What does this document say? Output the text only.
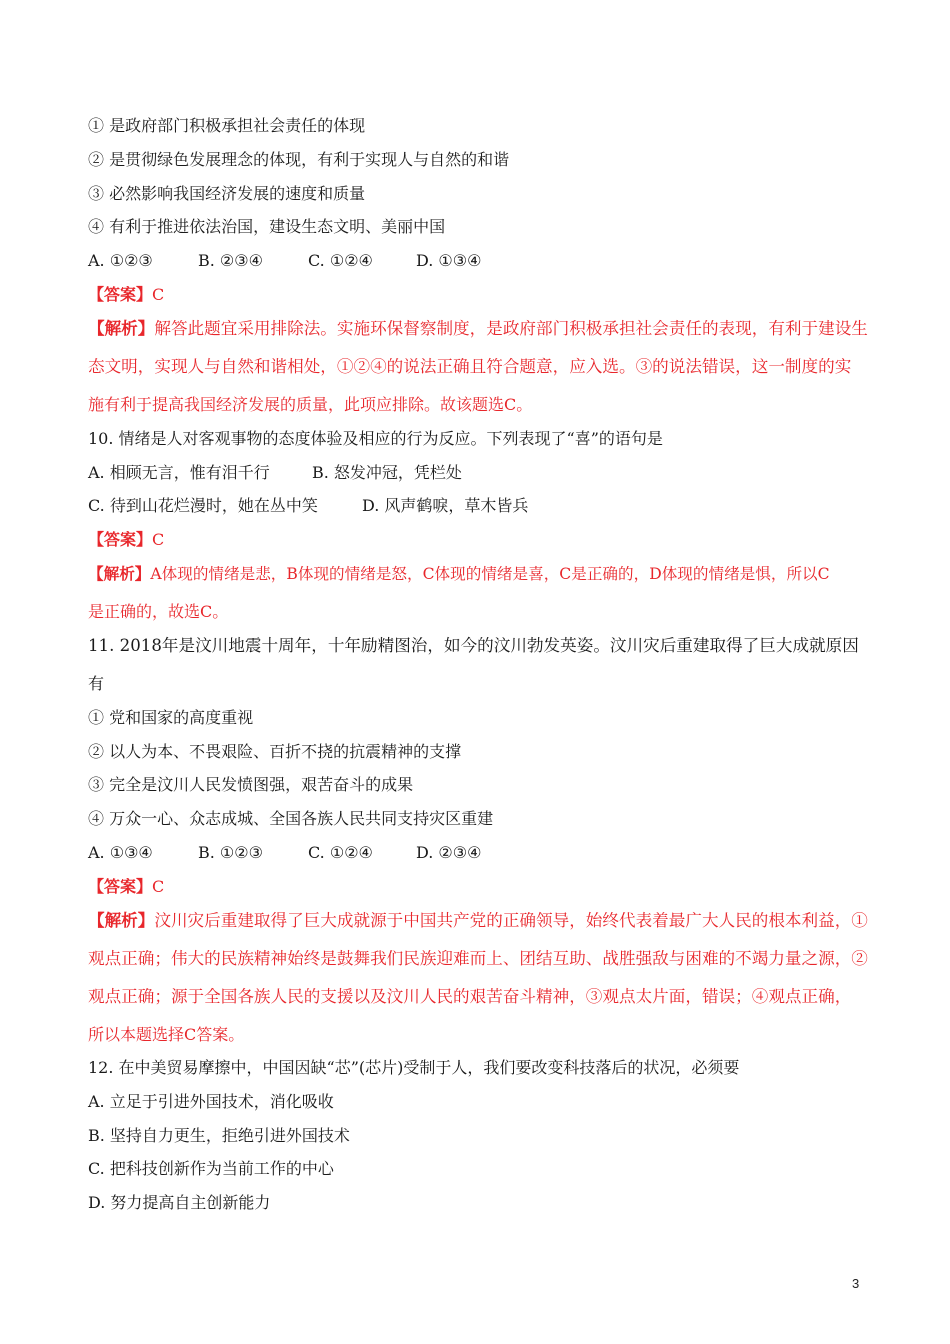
① 是政府部门积极承担社会责任的体现
② 是贯彻绿色发展理念的体现，有利于实现人与自然的和谐
③ 必然影响我国经济发展的速度和质量
④ 有利于推进依法治国，建设生态文明、美丽中国
A. ①②③	B. ②③④	C. ①②④	D. ①③④
【答案】C
【解析】解答此题宜采用排除法。实施环保督察制度，是政府部门积极承担社会责任的表现，有利于建设生
态文明，实现人与自然和谐相处，①②④的说法正确且符合题意，应入选。③的说法错误，这一制度的实
施有利于提高我国经济发展的质量，此项应排除。故该题选C。
10. 情绪是人对客观事物的态度体验及相应的行为反应。下列表现了“喜”的语句是
A. 相顾无言，惟有泪千行	B. 怒发冲冠，凭栏处
C. 待到山花烂漫时，她在丛中笑	D. 风声鹤唳，草木皆兵
【答案】C
【解析】A体现的情绪是悲，B体现的情绪是怒，C体现的情绪是喜，C是正确的，D体现的情绪是惧，所以C
是正确的，故选C。
11. 2018年是汶川地震十周年，十年励精图治，如今的汶川勃发英姿。汶川灾后重建取得了巨大成就原因
有
① 党和国家的高度重视
② 以人为本、不畏艰险、百折不挠的抗震精神的支撑
③ 完全是汶川人民发愤图强，艰苦奋斗的成果
④ 万众一心、众志成城、全国各族人民共同支持灾区重建
A. ①③④	B. ①②③	C. ①②④	D. ②③④
【答案】C
【解析】汶川灾后重建取得了巨大成就源于中国共产党的正确领导，始终代表着最广大人民的根本利益，①
观点正确；伟大的民族精神始终是鼓舞我们民族迎难而上、团结互助、战胜强敌与困难的不竭力量之源，②
观点正确；源于全国各族人民的支援以及汶川人民的艰苦奋斗精神，③观点太片面，错误；④观点正确，
所以本题选择C答案。
12. 在中美贸易摩擦中，中国因缺“芯”(芯片)受制于人，我们要改变科技落后的状况，必须要
A. 立足于引进外国技术，消化吸收
B. 坚持自力更生，拒绝引进外国技术
C. 把科技创新作为当前工作的中心
D. 努力提高自主创新能力
3
